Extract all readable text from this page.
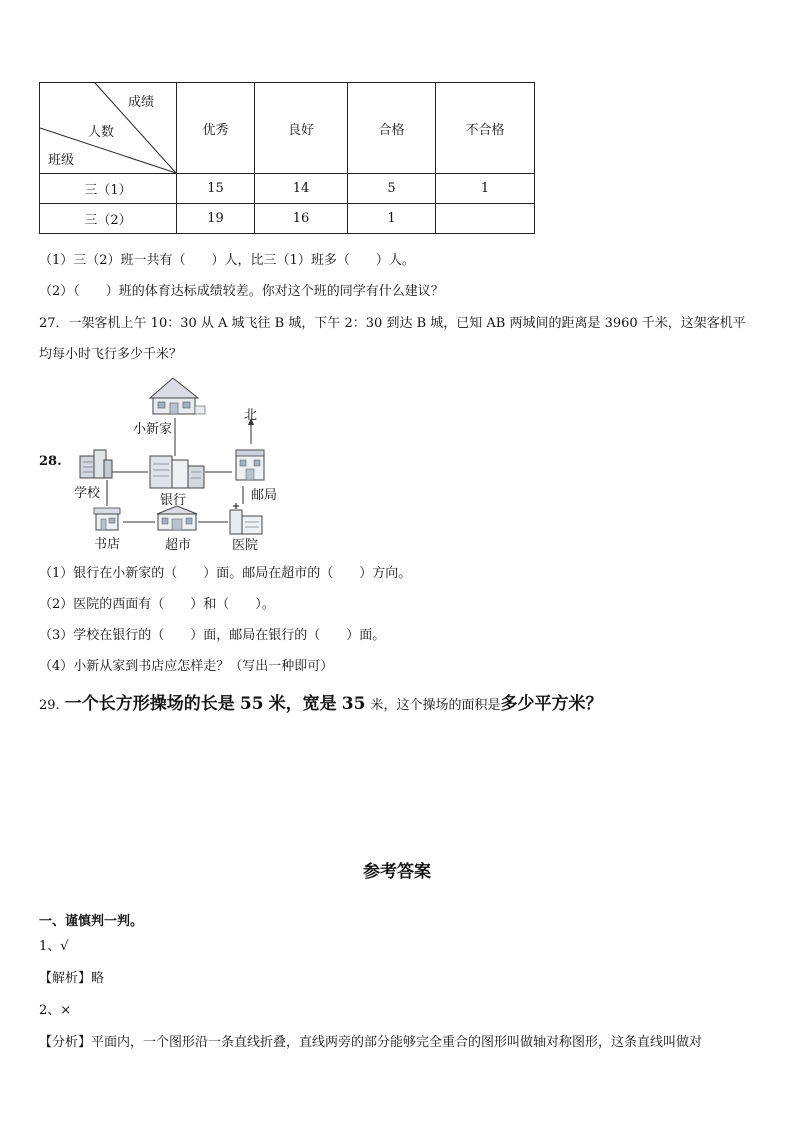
成绩
人数
班级	优秀	良好	合格	不合格
三（1）	15	14	5	1
三（2）	19	16	1	
（1）三（2）班一共有（　　）人，比三（1）班多（　　）人。
（2）（　　）班的体育达标成绩较差。你对这个班的同学有什么建议？
27．一架客机上午 10：30 从 A 城飞往 B 城，下午 2：30 到达 B 城，已知 AB 两城间的距离是 3960 千米，这架客机平
均每小时飞行多少千米？
28.
北
小新家
学校	银行	邮局
书店	超市	医院
（1）银行在小新家的（　　）面。邮局在超市的（　　）方向。
（2）医院的西面有（　　）和（　　）。
（3）学校在银行的（　　）面，邮局在银行的（　　）面。
（4）小新从家到书店应怎样走？（写出一种即可）
29. 一个长方形操场的长是 55 米，宽是 35 米，这个操场的面积是多少平方米？
参考答案
一、谨慎判一判。
1、√
【解析】略
2、×
【分析】平面内，一个图形沿一条直线折叠，直线两旁的部分能够完全重合的图形叫做轴对称图形，这条直线叫做对
